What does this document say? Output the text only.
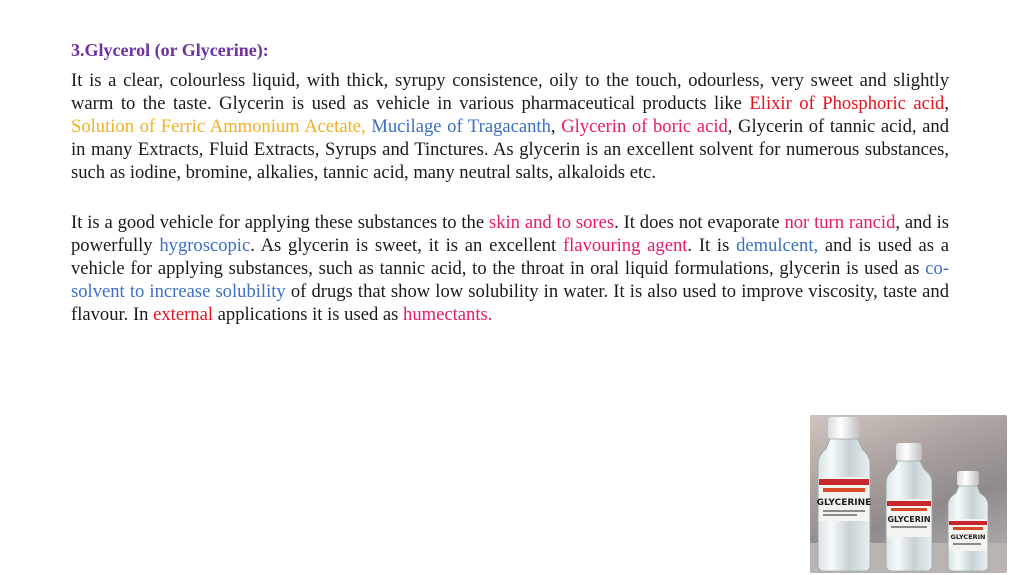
3.Glycerol (or Glycerine):

It is a clear, colourless liquid, with thick, syrupy consistence, oily to the touch, odourless, very sweet and slightly warm to the taste. Glycerin is used as vehicle in various pharmaceutical products like Elixir of Phosphoric acid, Solution of Ferric Ammonium Acetate, Mucilage of Tragacanth, Glycerin of boric acid, Glycerin of tannic acid, and in many Extracts, Fluid Extracts, Syrups and Tinctures. As glycerin is an excellent solvent for numerous substances, such as iodine, bromine, alkalies, tannic acid, many neutral salts, alkaloids etc.

It is a good vehicle for applying these substances to the skin and to sores. It does not evaporate nor turn rancid, and is powerfully hygroscopic. As glycerin is sweet, it is an excellent flavouring agent. It is demulcent, and is used as a vehicle for applying substances, such as tannic acid, to the throat in oral liquid formulations, glycerin is used as co-solvent to increase solubility of drugs that show low solubility in water. It is also used to improve viscosity, taste and flavour. In external applications it is used as humectants.

GLYCERINE
GLYCERIN
GLYCERIN
